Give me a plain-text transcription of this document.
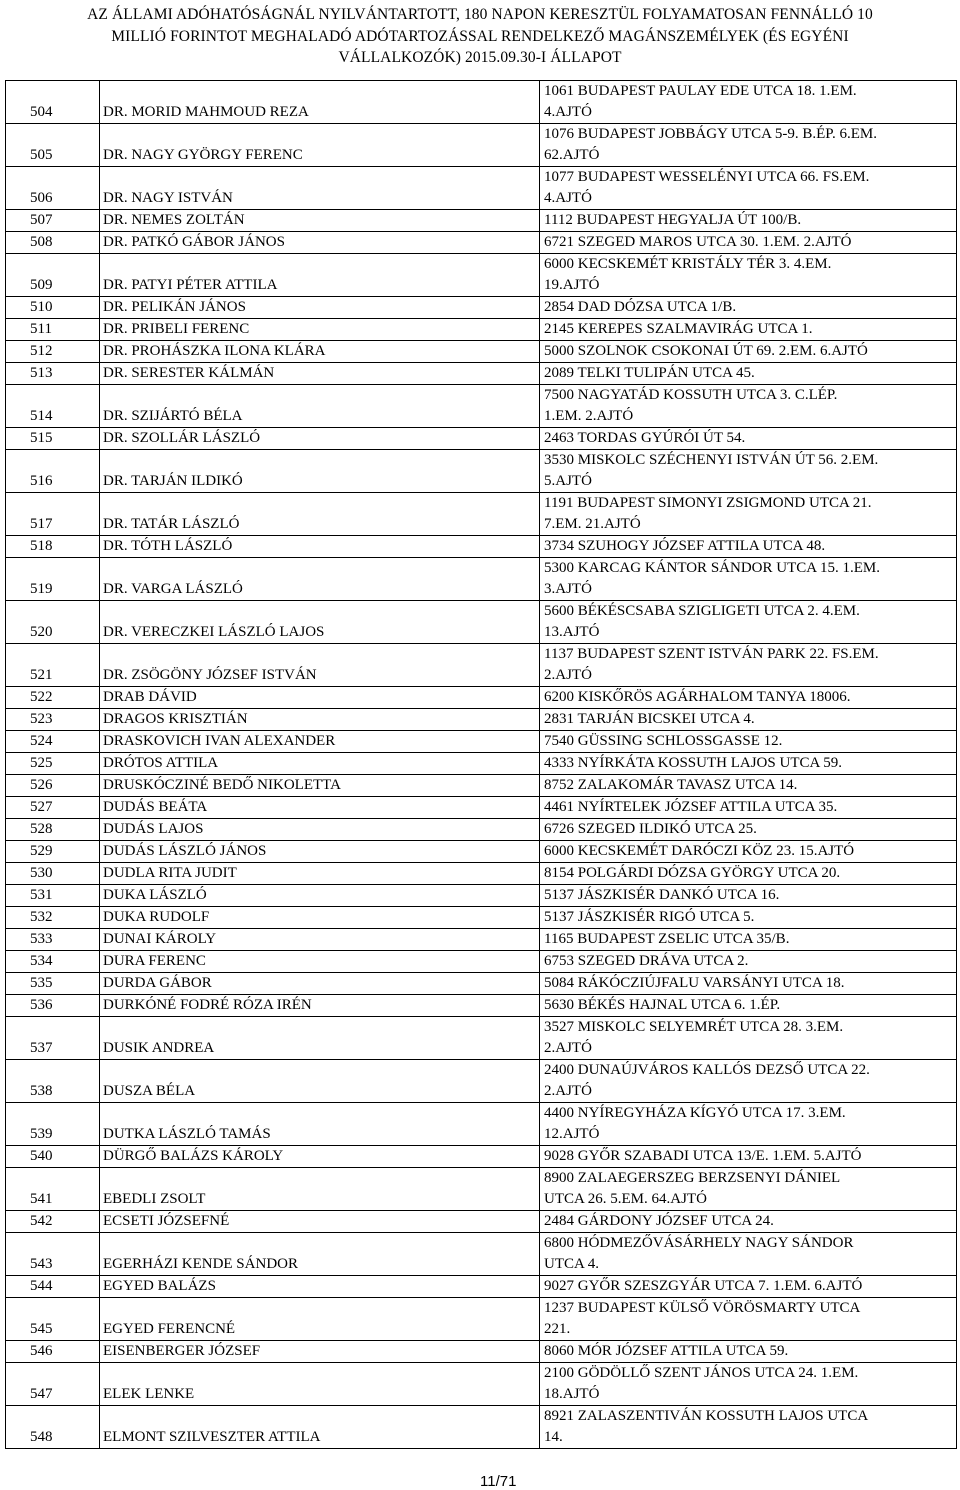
AZ ÁLLAMI ADÓHATÓSÁGNÁL NYILVÁNTARTOTT, 180 NAPON KERESZTÜL FOLYAMATOSAN FENNÁLLÓ 10
MILLIÓ FORINTOT MEGHALADÓ ADÓTARTOZÁSSAL RENDELKEZŐ MAGÁNSZEMÉLYEK (ÉS EGYÉNI
VÁLLALKOZÓK) 2015.09.30-I ÁLLAPOT
504	DR. MORID MAHMOUD REZA	1061 BUDAPEST PAULAY EDE UTCA 18. 1.EM.
4.AJTÓ

505	DR. NAGY GYÖRGY FERENC	1076 BUDAPEST JOBBÁGY UTCA 5-9. B.ÉP. 6.EM.
62.AJTÓ

506	DR. NAGY ISTVÁN	1077 BUDAPEST WESSELÉNYI UTCA 66. FS.EM.
4.AJTÓ

507	DR. NEMES ZOLTÁN	1112 BUDAPEST HEGYALJA ÚT 100/B.

508	DR. PATKÓ GÁBOR JÁNOS	6721 SZEGED MAROS UTCA 30. 1.EM. 2.AJTÓ

509	DR. PATYI PÉTER ATTILA	6000 KECSKEMÉT KRISTÁLY TÉR 3. 4.EM.
19.AJTÓ

510	DR. PELIKÁN JÁNOS	2854 DAD DÓZSA UTCA 1/B.

511	DR. PRIBELI FERENC	2145 KEREPES SZALMAVIRÁG UTCA 1.

512	DR. PROHÁSZKA ILONA KLÁRA	5000 SZOLNOK CSOKONAI ÚT 69. 2.EM. 6.AJTÓ

513	DR. SERESTER KÁLMÁN	2089 TELKI TULIPÁN UTCA 45.

514	DR. SZIJÁRTÓ BÉLA	7500 NAGYATÁD KOSSUTH UTCA 3. C.LÉP.
1.EM. 2.AJTÓ

515	DR. SZOLLÁR LÁSZLÓ	2463 TORDAS GYÚRÓI ÚT 54.

516	DR. TARJÁN ILDIKÓ	3530 MISKOLC SZÉCHENYI ISTVÁN ÚT 56. 2.EM.
5.AJTÓ

517	DR. TATÁR LÁSZLÓ	1191 BUDAPEST SIMONYI ZSIGMOND UTCA 21.
7.EM. 21.AJTÓ

518	DR. TÓTH LÁSZLÓ	3734 SZUHOGY JÓZSEF ATTILA UTCA 48.

519	DR. VARGA LÁSZLÓ	5300 KARCAG KÁNTOR SÁNDOR UTCA 15. 1.EM.
3.AJTÓ

520	DR. VERECZKEI LÁSZLÓ LAJOS	5600 BÉKÉSCSABA SZIGLIGETI UTCA 2. 4.EM.
13.AJTÓ

521	DR. ZSÖGÖNY JÓZSEF ISTVÁN	1137 BUDAPEST SZENT ISTVÁN PARK 22. FS.EM.
2.AJTÓ

522	DRAB DÁVID	6200 KISKŐRÖS AGÁRHALOM TANYA 18006.

523	DRAGOS KRISZTIÁN	2831 TARJÁN BICSKEI UTCA 4.

524	DRASKOVICH IVAN ALEXANDER	7540 GÜSSING SCHLOSSGASSE 12.

525	DRÓTOS ATTILA	4333 NYÍRKÁTA KOSSUTH LAJOS UTCA 59.

526	DRUSKÓCZINÉ BEDŐ NIKOLETTA	8752 ZALAKOMÁR TAVASZ UTCA 14.

527	DUDÁS BEÁTA	4461 NYÍRTELEK JÓZSEF ATTILA UTCA 35.

528	DUDÁS LAJOS	6726 SZEGED ILDIKÓ UTCA 25.

529	DUDÁS LÁSZLÓ JÁNOS	6000 KECSKEMÉT DARÓCZI KÖZ 23. 15.AJTÓ

530	DUDLA RITA JUDIT	8154 POLGÁRDI DÓZSA GYÖRGY UTCA 20.

531	DUKA LÁSZLÓ	5137 JÁSZKISÉR DANKÓ UTCA 16.

532	DUKA RUDOLF	5137 JÁSZKISÉR RIGÓ UTCA 5.

533	DUNAI KÁROLY	1165 BUDAPEST ZSELIC UTCA 35/B.

534	DURA FERENC	6753 SZEGED DRÁVA UTCA 2.

535	DURDA GÁBOR	5084 RÁKÓCZIÚJFALU VARSÁNYI UTCA 18.

536	DURKÓNÉ FODRÉ RÓZA IRÉN	5630 BÉKÉS HAJNAL UTCA 6. 1.ÉP.

537	DUSIK ANDREA	3527 MISKOLC SELYEMRÉT UTCA 28. 3.EM.
2.AJTÓ

538	DUSZA BÉLA	2400 DUNAÚJVÁROS KALLÓS DEZSŐ UTCA 22.
2.AJTÓ

539	DUTKA LÁSZLÓ TAMÁS	4400 NYÍREGYHÁZA KÍGYÓ UTCA 17. 3.EM.
12.AJTÓ

540	DÜRGŐ BALÁZS KÁROLY	9028 GYŐR SZABADI UTCA 13/E. 1.EM. 5.AJTÓ

541	EBEDLI ZSOLT	8900 ZALAEGERSZEG BERZSENYI DÁNIEL
UTCA 26. 5.EM. 64.AJTÓ

542	ECSETI JÓZSEFNÉ	2484 GÁRDONY JÓZSEF UTCA 24.

543	EGERHÁZI KENDE SÁNDOR	6800 HÓDMEZŐVÁSÁRHELY NAGY SÁNDOR
UTCA 4.

544	EGYED BALÁZS	9027 GYŐR SZESZGYÁR UTCA 7. 1.EM. 6.AJTÓ

545	EGYED FERENCNÉ	1237 BUDAPEST KÜLSŐ VÖRÖSMARTY UTCA
221.

546	EISENBERGER JÓZSEF	8060 MÓR JÓZSEF ATTILA UTCA 59.

547	ELEK LENKE	2100 GÖDÖLLŐ SZENT JÁNOS UTCA 24. 1.EM.
18.AJTÓ

548	ELMONT SZILVESZTER ATTILA	8921 ZALASZENTIVÁN KOSSUTH LAJOS UTCA
14.
11/71
